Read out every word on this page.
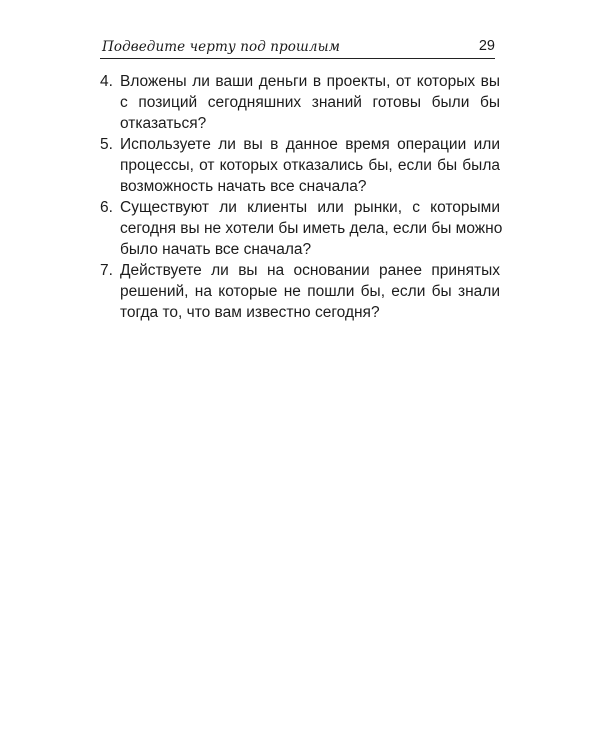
Подведите черту под прошлым	29
4. Вложены ли ваши деньги в проекты, от которых вы
с позиций сегодняшних знаний готовы были бы
отказаться?
5. Используете ли вы в данное время операции или
процессы, от которых отказались бы, если бы была
возможность начать все сначала?
6. Существуют ли клиенты или рынки, с которыми
сегодня вы не хотели бы иметь дела, если бы можно
было начать все сначала?
7. Действуете ли вы на основании ранее принятых
решений, на которые не пошли бы, если бы знали
тогда то, что вам известно сегодня?
